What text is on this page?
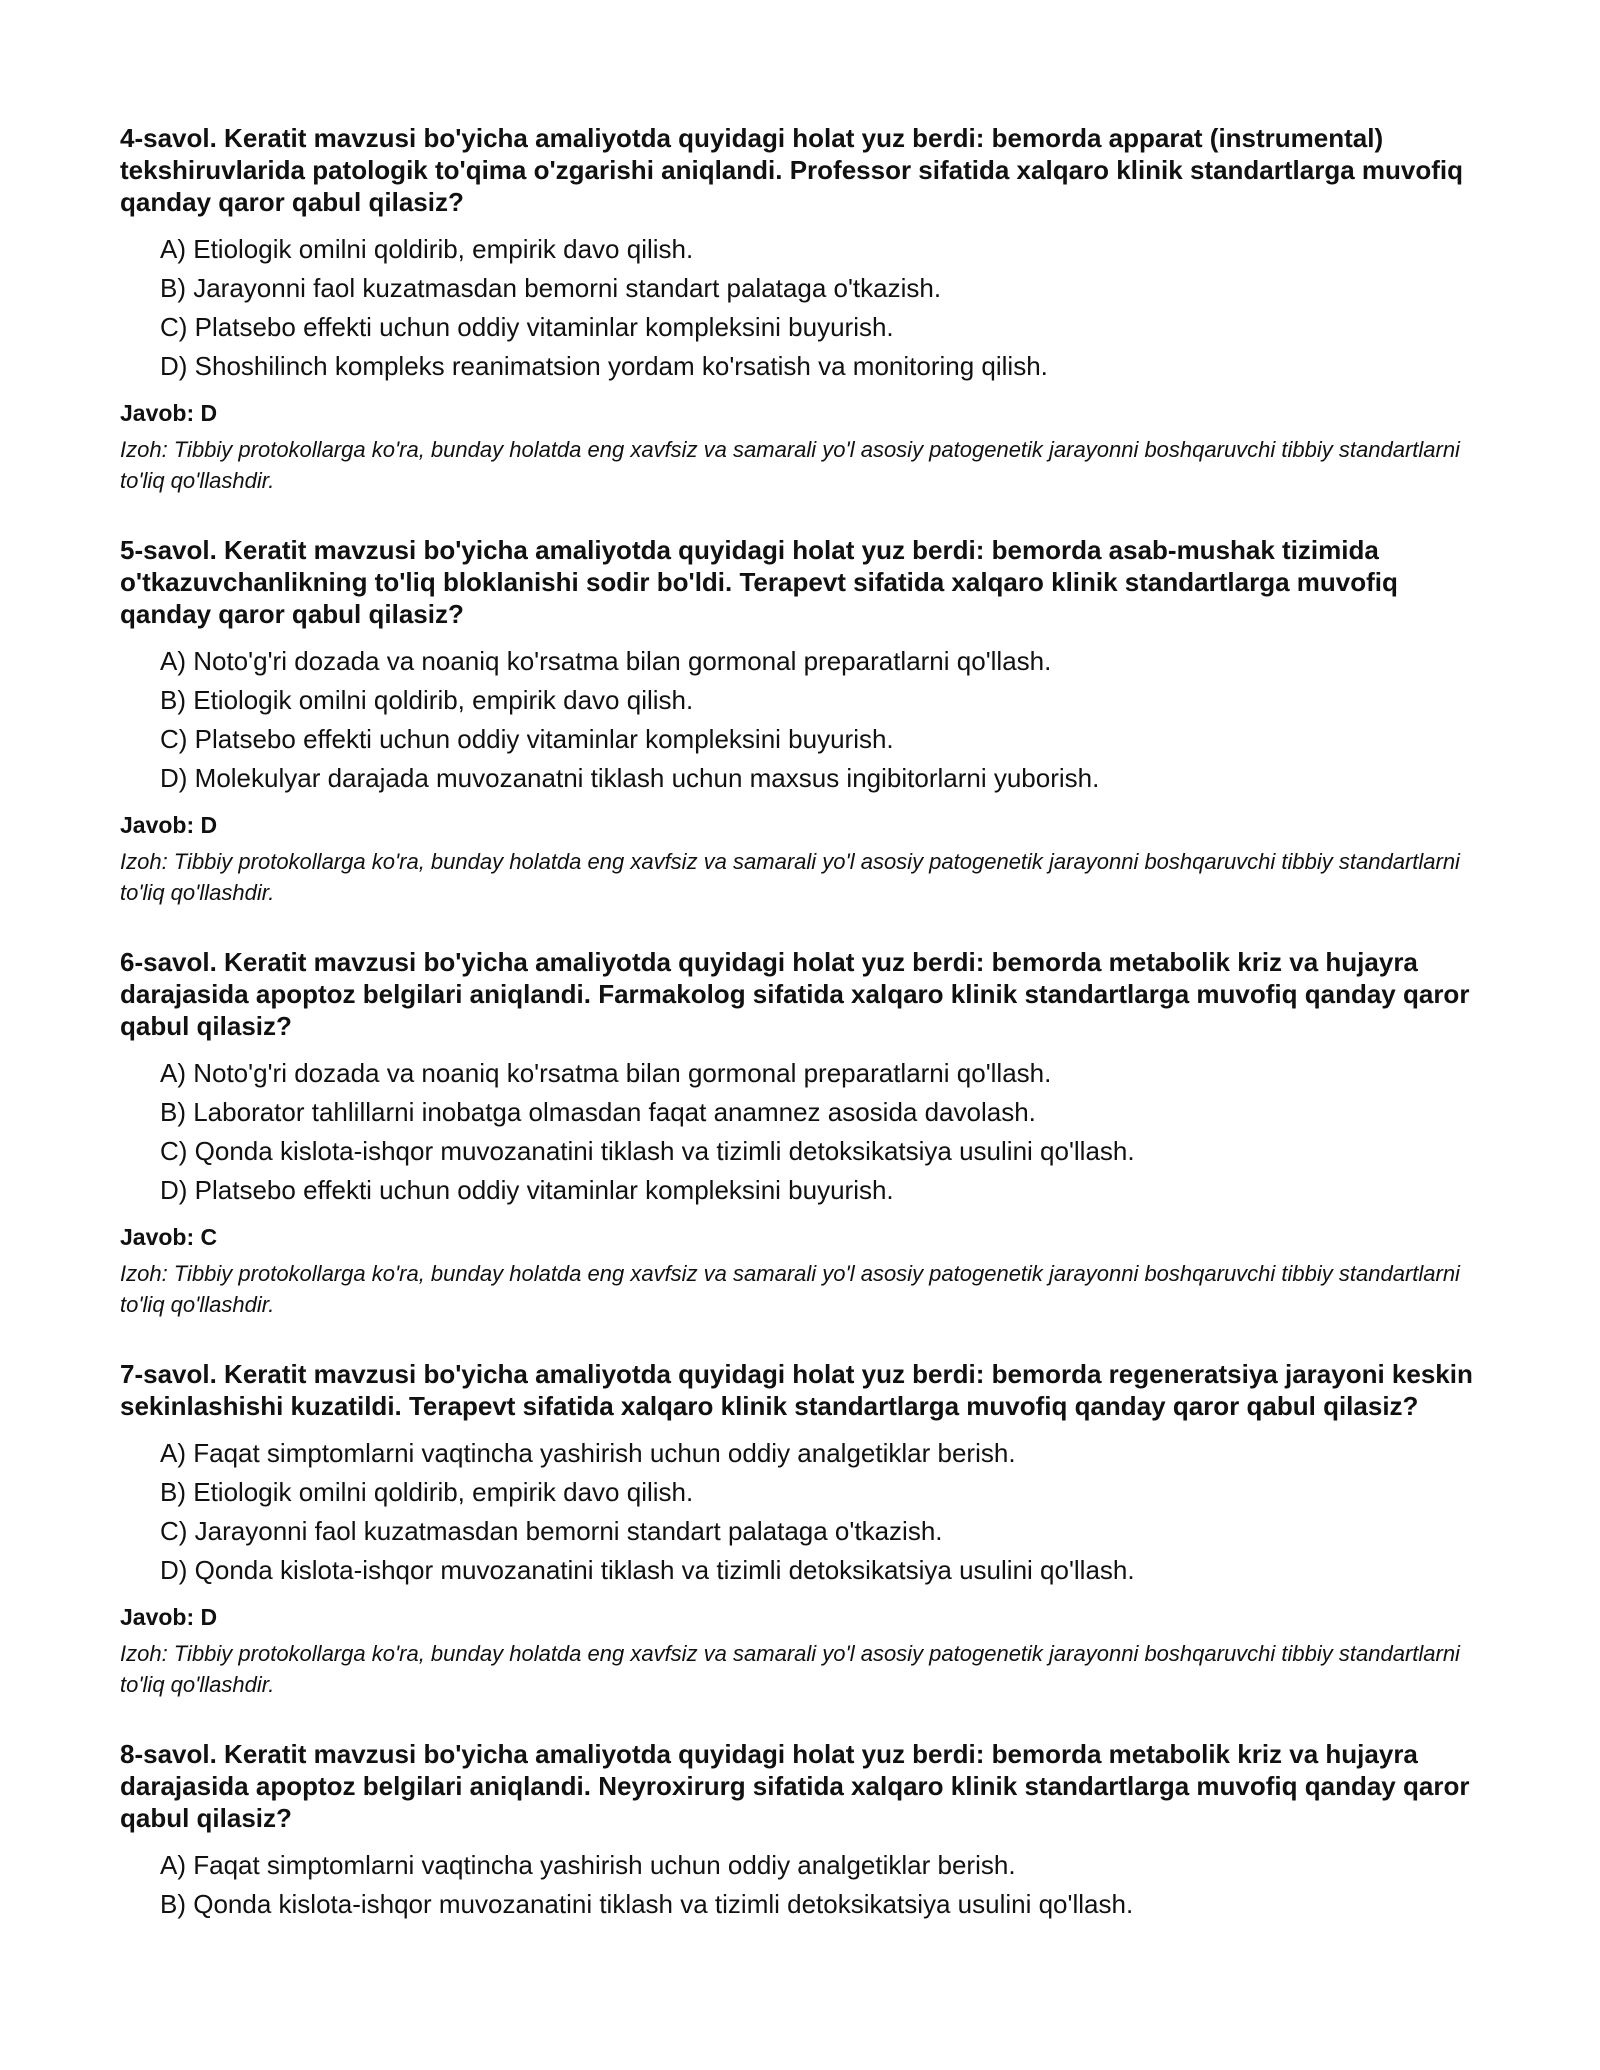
4-savol. Keratit mavzusi bo'yicha amaliyotda quyidagi holat yuz berdi: bemorda apparat (instrumental) tekshiruvlarida patologik to'qima o'zgarishi aniqlandi. Professor sifatida xalqaro klinik standartlarga muvofiq qanday qaror qabul qilasiz?
A) Etiologik omilni qoldirib, empirik davo qilish.
B) Jarayonni faol kuzatmasdan bemorni standart palataga o'tkazish.
C) Platsebo effekti uchun oddiy vitaminlar kompleksini buyurish.
D) Shoshilinch kompleks reanimatsion yordam ko'rsatish va monitoring qilish.
Javob: D

Izoh: Tibbiy protokollarga ko'ra, bunday holatda eng xavfsiz va samarali yo'l asosiy patogenetik jarayonni boshqaruvchi tibbiy standartlarni to'liq qo'llashdir.

5-savol. Keratit mavzusi bo'yicha amaliyotda quyidagi holat yuz berdi: bemorda asab-mushak tizimida o'tkazuvchanlikning to'liq bloklanishi sodir bo'ldi. Terapevt sifatida xalqaro klinik standartlarga muvofiq qanday qaror qabul qilasiz?
A) Noto'g'ri dozada va noaniq ko'rsatma bilan gormonal preparatlarni qo'llash.
B) Etiologik omilni qoldirib, empirik davo qilish.
C) Platsebo effekti uchun oddiy vitaminlar kompleksini buyurish.
D) Molekulyar darajada muvozanatni tiklash uchun maxsus ingibitorlarni yuborish.
Javob: D

Izoh: Tibbiy protokollarga ko'ra, bunday holatda eng xavfsiz va samarali yo'l asosiy patogenetik jarayonni boshqaruvchi tibbiy standartlarni to'liq qo'llashdir.

6-savol. Keratit mavzusi bo'yicha amaliyotda quyidagi holat yuz berdi: bemorda metabolik kriz va hujayra darajasida apoptoz belgilari aniqlandi. Farmakolog sifatida xalqaro klinik standartlarga muvofiq qanday qaror qabul qilasiz?
A) Noto'g'ri dozada va noaniq ko'rsatma bilan gormonal preparatlarni qo'llash.
B) Laborator tahlillarni inobatga olmasdan faqat anamnez asosida davolash.
C) Qonda kislota-ishqor muvozanatini tiklash va tizimli detoksikatsiya usulini qo'llash.
D) Platsebo effekti uchun oddiy vitaminlar kompleksini buyurish.
Javob: C

Izoh: Tibbiy protokollarga ko'ra, bunday holatda eng xavfsiz va samarali yo'l asosiy patogenetik jarayonni boshqaruvchi tibbiy standartlarni to'liq qo'llashdir.

7-savol. Keratit mavzusi bo'yicha amaliyotda quyidagi holat yuz berdi: bemorda regeneratsiya jarayoni keskin sekinlashishi kuzatildi. Terapevt sifatida xalqaro klinik standartlarga muvofiq qanday qaror qabul qilasiz?
A) Faqat simptomlarni vaqtincha yashirish uchun oddiy analgetiklar berish.
B) Etiologik omilni qoldirib, empirik davo qilish.
C) Jarayonni faol kuzatmasdan bemorni standart palataga o'tkazish.
D) Qonda kislota-ishqor muvozanatini tiklash va tizimli detoksikatsiya usulini qo'llash.
Javob: D

Izoh: Tibbiy protokollarga ko'ra, bunday holatda eng xavfsiz va samarali yo'l asosiy patogenetik jarayonni boshqaruvchi tibbiy standartlarni to'liq qo'llashdir.

8-savol. Keratit mavzusi bo'yicha amaliyotda quyidagi holat yuz berdi: bemorda metabolik kriz va hujayra darajasida apoptoz belgilari aniqlandi. Neyroxirurg sifatida xalqaro klinik standartlarga muvofiq qanday qaror qabul qilasiz?
A) Faqat simptomlarni vaqtincha yashirish uchun oddiy analgetiklar berish.
B) Qonda kislota-ishqor muvozanatini tiklash va tizimli detoksikatsiya usulini qo'llash.
